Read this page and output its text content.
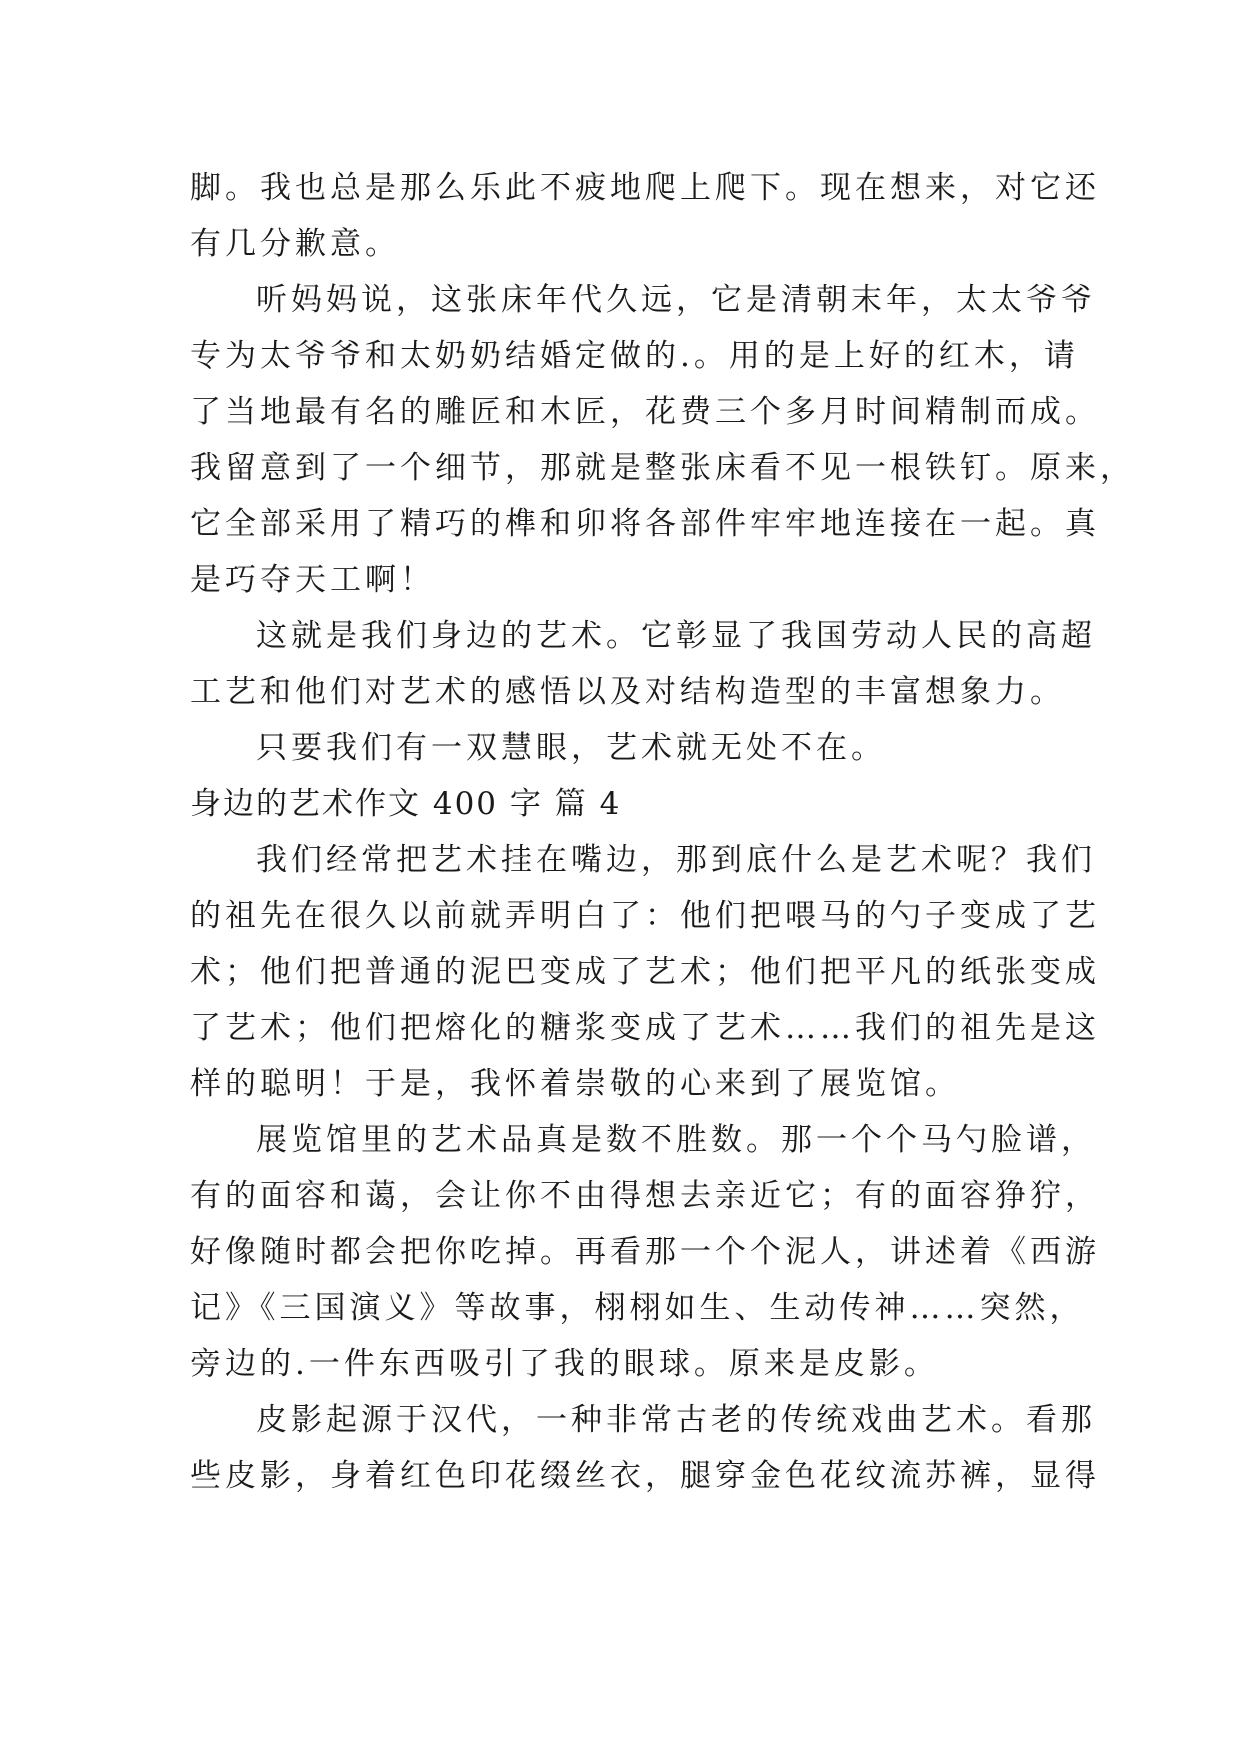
脚。我也总是那么乐此不疲地爬上爬下。现在想来，对它还
有几分歉意。
听妈妈说，这张床年代久远，它是清朝末年，太太爷爷
专为太爷爷和太奶奶结婚定做的.。用的是上好的红木，请
了当地最有名的雕匠和木匠，花费三个多月时间精制而成。
我留意到了一个细节，那就是整张床看不见一根铁钉。原来，
它全部采用了精巧的榫和卯将各部件牢牢地连接在一起。真
是巧夺天工啊！
这就是我们身边的艺术。它彰显了我国劳动人民的高超
工艺和他们对艺术的感悟以及对结构造型的丰富想象力。
只要我们有一双慧眼，艺术就无处不在。
身边的艺术作文 400 字 篇 4
我们经常把艺术挂在嘴边，那到底什么是艺术呢？我们
的祖先在很久以前就弄明白了：他们把喂马的勺子变成了艺
术；他们把普通的泥巴变成了艺术；他们把平凡的纸张变成
了艺术；他们把熔化的糖浆变成了艺术……我们的祖先是这
样的聪明！于是，我怀着崇敬的心来到了展览馆。
展览馆里的艺术品真是数不胜数。那一个个马勺脸谱，
有的面容和蔼，会让你不由得想去亲近它；有的面容狰狞，
好像随时都会把你吃掉。再看那一个个泥人，讲述着《西游
记》《三国演义》等故事，栩栩如生、生动传神……突然，
旁边的.一件东西吸引了我的眼球。原来是皮影。
皮影起源于汉代，一种非常古老的传统戏曲艺术。看那
些皮影，身着红色印花缀丝衣，腿穿金色花纹流苏裤，显得
